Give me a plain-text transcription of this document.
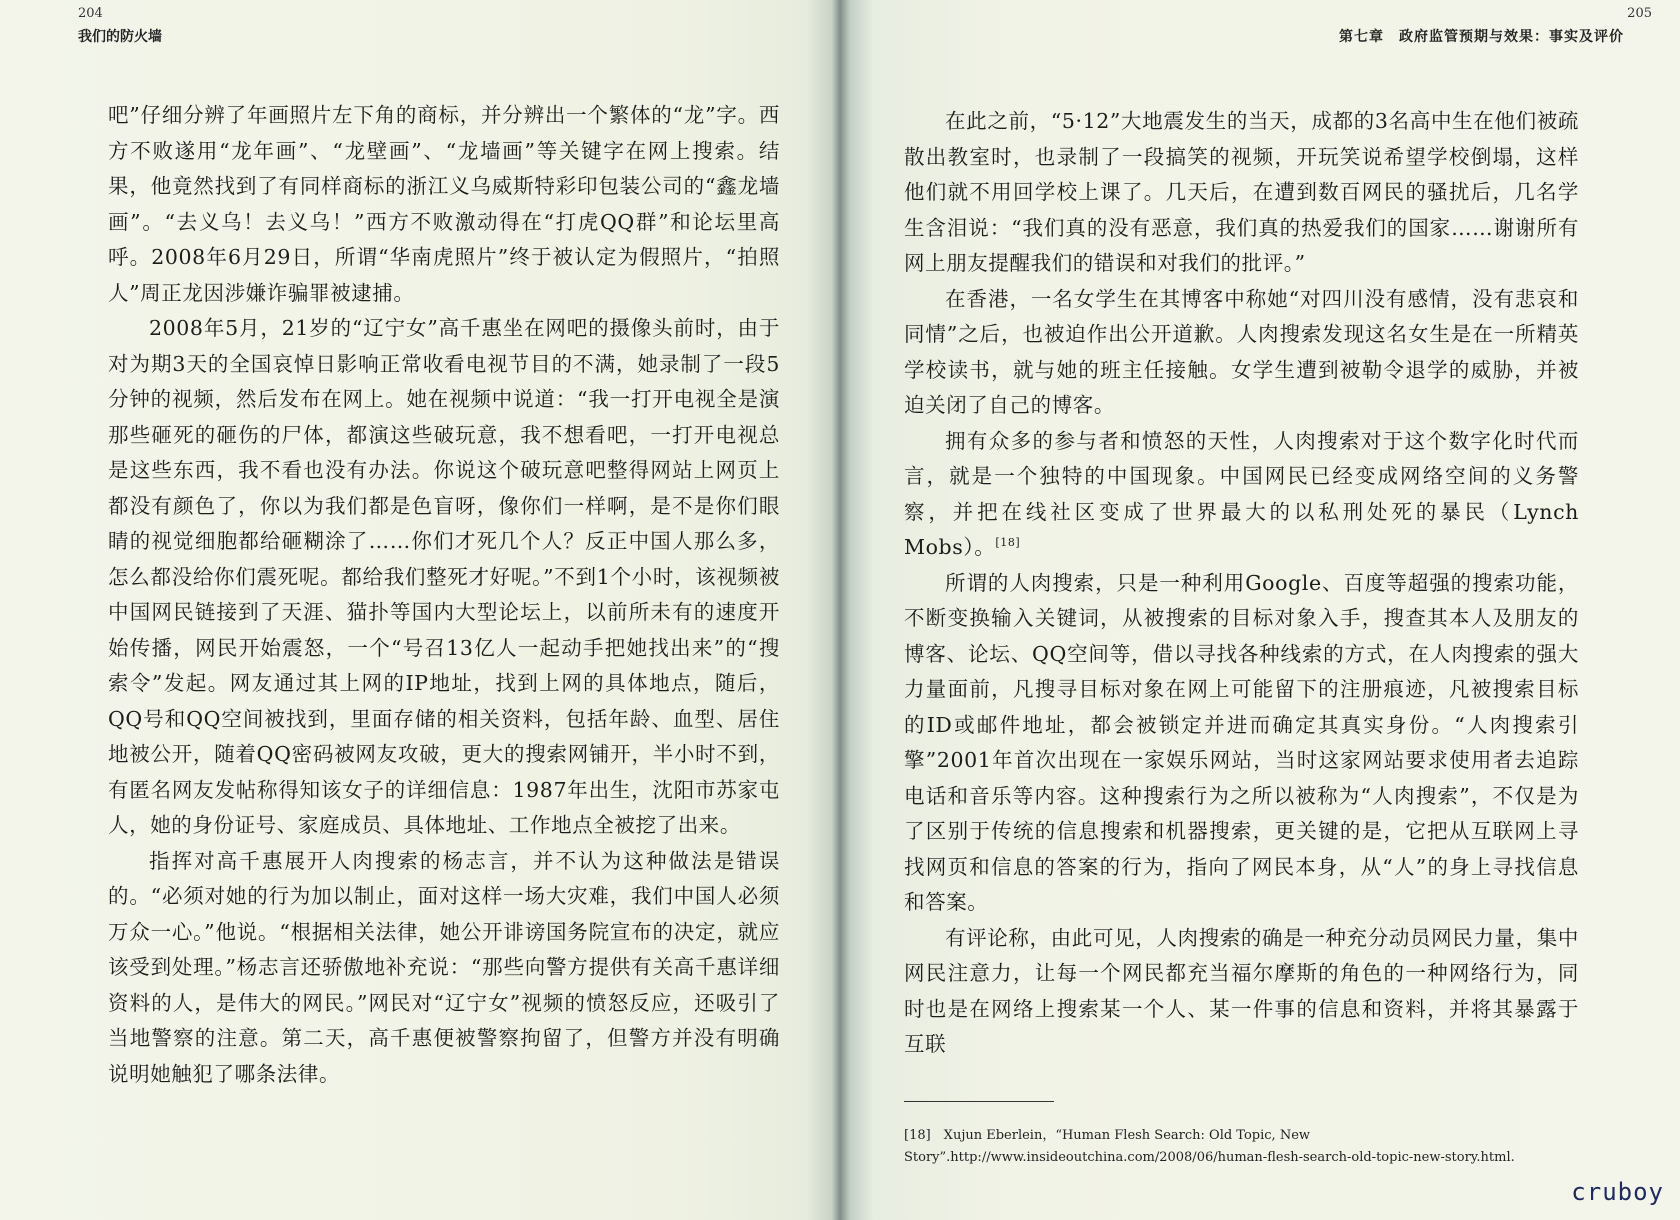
204
我们的防火墙

吧”仔细分辨了年画照片左下角的商标，并分辨出一个繁体的“龙”字。西方不败遂用“龙年画”、“龙壁画”、“龙墙画”等关键字在网上搜索。结果，他竟然找到了有同样商标的浙江义乌威斯特彩印包装公司的“鑫龙墙画”。“去义乌！去义乌！”西方不败激动得在“打虎QQ群”和论坛里高呼。2008年6月29日，所谓“华南虎照片”终于被认定为假照片，“拍照人”周正龙因涉嫌诈骗罪被逮捕。

2008年5月，21岁的“辽宁女”高千惠坐在网吧的摄像头前时，由于对为期3天的全国哀悼日影响正常收看电视节目的不满，她录制了一段5分钟的视频，然后发布在网上。她在视频中说道：“我一打开电视全是演那些砸死的砸伤的尸体，都演这些破玩意，我不想看吧，一打开电视总是这些东西，我不看也没有办法。你说这个破玩意吧整得网站上网页上都没有颜色了，你以为我们都是色盲呀，像你们一样啊，是不是你们眼睛的视觉细胞都给砸糊涂了……你们才死几个人？反正中国人那么多，怎么都没给你们震死呢。都给我们整死才好呢。”不到1个小时，该视频被中国网民链接到了天涯、猫扑等国内大型论坛上，以前所未有的速度开始传播，网民开始震怒，一个“号召13亿人一起动手把她找出来”的“搜索令”发起。网友通过其上网的IP地址，找到上网的具体地点，随后，QQ号和QQ空间被找到，里面存储的相关资料，包括年龄、血型、居住地被公开，随着QQ密码被网友攻破，更大的搜索网铺开，半小时不到，有匿名网友发帖称得知该女子的详细信息：1987年出生，沈阳市苏家屯人，她的身份证号、家庭成员、具体地址、工作地点全被挖了出来。

指挥对高千惠展开人肉搜索的杨志言，并不认为这种做法是错误的。“必须对她的行为加以制止，面对这样一场大灾难，我们中国人必须万众一心。”他说。“根据相关法律，她公开诽谤国务院宣布的决定，就应该受到处理。”杨志言还骄傲地补充说：“那些向警方提供有关高千惠详细资料的人，是伟大的网民。”网民对“辽宁女”视频的愤怒反应，还吸引了当地警察的注意。第二天，高千惠便被警察拘留了，但警方并没有明确说明她触犯了哪条法律。

205
第七章　政府监管预期与效果：事实及评价

在此之前，“5·12”大地震发生的当天，成都的3名高中生在他们被疏散出教室时，也录制了一段搞笑的视频，开玩笑说希望学校倒塌，这样他们就不用回学校上课了。几天后，在遭到数百网民的骚扰后，几名学生含泪说：“我们真的没有恶意，我们真的热爱我们的国家……谢谢所有网上朋友提醒我们的错误和对我们的批评。”

在香港，一名女学生在其博客中称她“对四川没有感情，没有悲哀和同情”之后，也被迫作出公开道歉。人肉搜索发现这名女生是在一所精英学校读书，就与她的班主任接触。女学生遭到被勒令退学的威胁，并被迫关闭了自己的博客。

拥有众多的参与者和愤怒的天性，人肉搜索对于这个数字化时代而言，就是一个独特的中国现象。中国网民已经变成网络空间的义务警察，并把在线社区变成了世界最大的以私刑处死的暴民（Lynch Mobs）。[18]

所谓的人肉搜索，只是一种利用Google、百度等超强的搜索功能，不断变换输入关键词，从被搜索的目标对象入手，搜查其本人及朋友的博客、论坛、QQ空间等，借以寻找各种线索的方式，在人肉搜索的强大力量面前，凡搜寻目标对象在网上可能留下的注册痕迹，凡被搜索目标的ID或邮件地址，都会被锁定并进而确定其真实身份。“人肉搜索引擎”2001年首次出现在一家娱乐网站，当时这家网站要求使用者去追踪电话和音乐等内容。这种搜索行为之所以被称为“人肉搜索”，不仅是为了区别于传统的信息搜索和机器搜索，更关键的是，它把从互联网上寻找网页和信息的答案的行为，指向了网民本身，从“人”的身上寻找信息和答案。

有评论称，由此可见，人肉搜索的确是一种充分动员网民力量，集中网民注意力，让每一个网民都充当福尔摩斯的角色的一种网络行为，同时也是在网络上搜索某一个人、某一件事的信息和资料，并将其暴露于互联

[18]　Xujun Eberlein，“Human Flesh Search: Old Topic, New Story”.http://www.insideoutchina.com/2008/06/human-flesh-search-old-topic-new-story.html.
cruboy
